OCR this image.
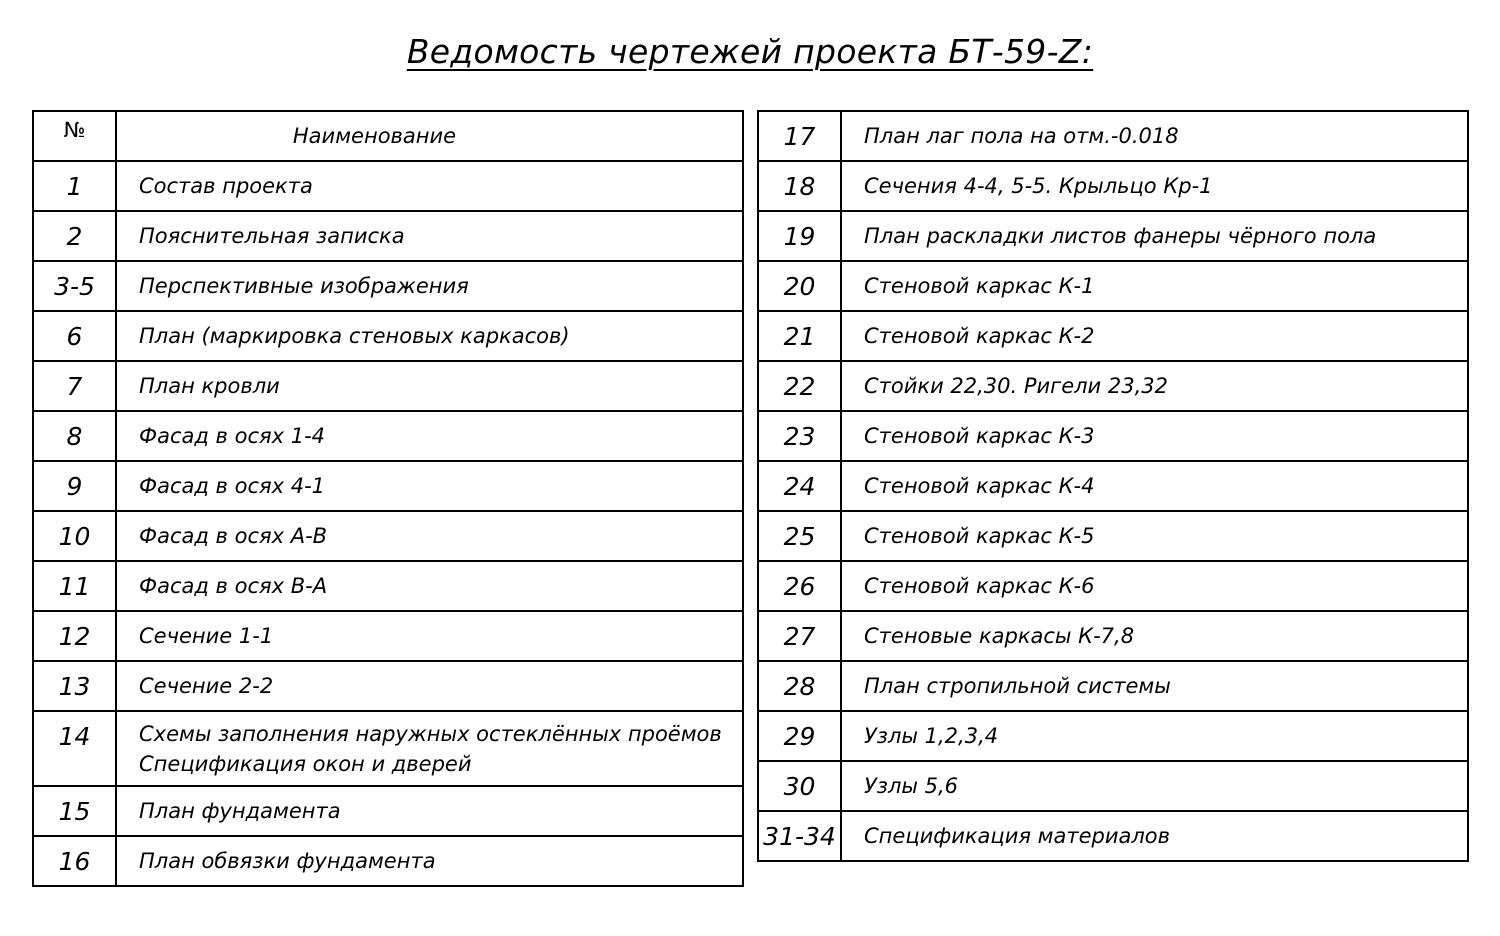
Ведомость чертежей проекта БТ-59-Z:
№	Наименование
1	Состав проекта
2	Пояснительная записка
3-5	Перспективные изображения
6	План (маркировка стеновых каркасов)
7	План кровли
8	Фасад в осях 1-4
9	Фасад в осях 4-1
10	Фасад в осях А-В
11	Фасад в осях В-А
12	Сечение 1-1
13	Сечение 2-2
14	Схемы заполнения наружных остеклённых проёмов
Спецификация окон и дверей

15	План фундамента
16	План обвязки фундамента
17	План лаг пола на отм.-0.018
18	Сечения 4-4, 5-5. Крыльцо Кр-1
19	План раскладки листов фанеры чёрного пола
20	Стеновой каркас К-1
21	Стеновой каркас К-2
22	Стойки 22,30. Ригели 23,32
23	Стеновой каркас К-3
24	Стеновой каркас К-4
25	Стеновой каркас К-5
26	Стеновой каркас К-6
27	Стеновые каркасы К-7,8
28	План стропильной системы
29	Узлы 1,2,3,4
30	Узлы 5,6
31-34	Спецификация материалов
